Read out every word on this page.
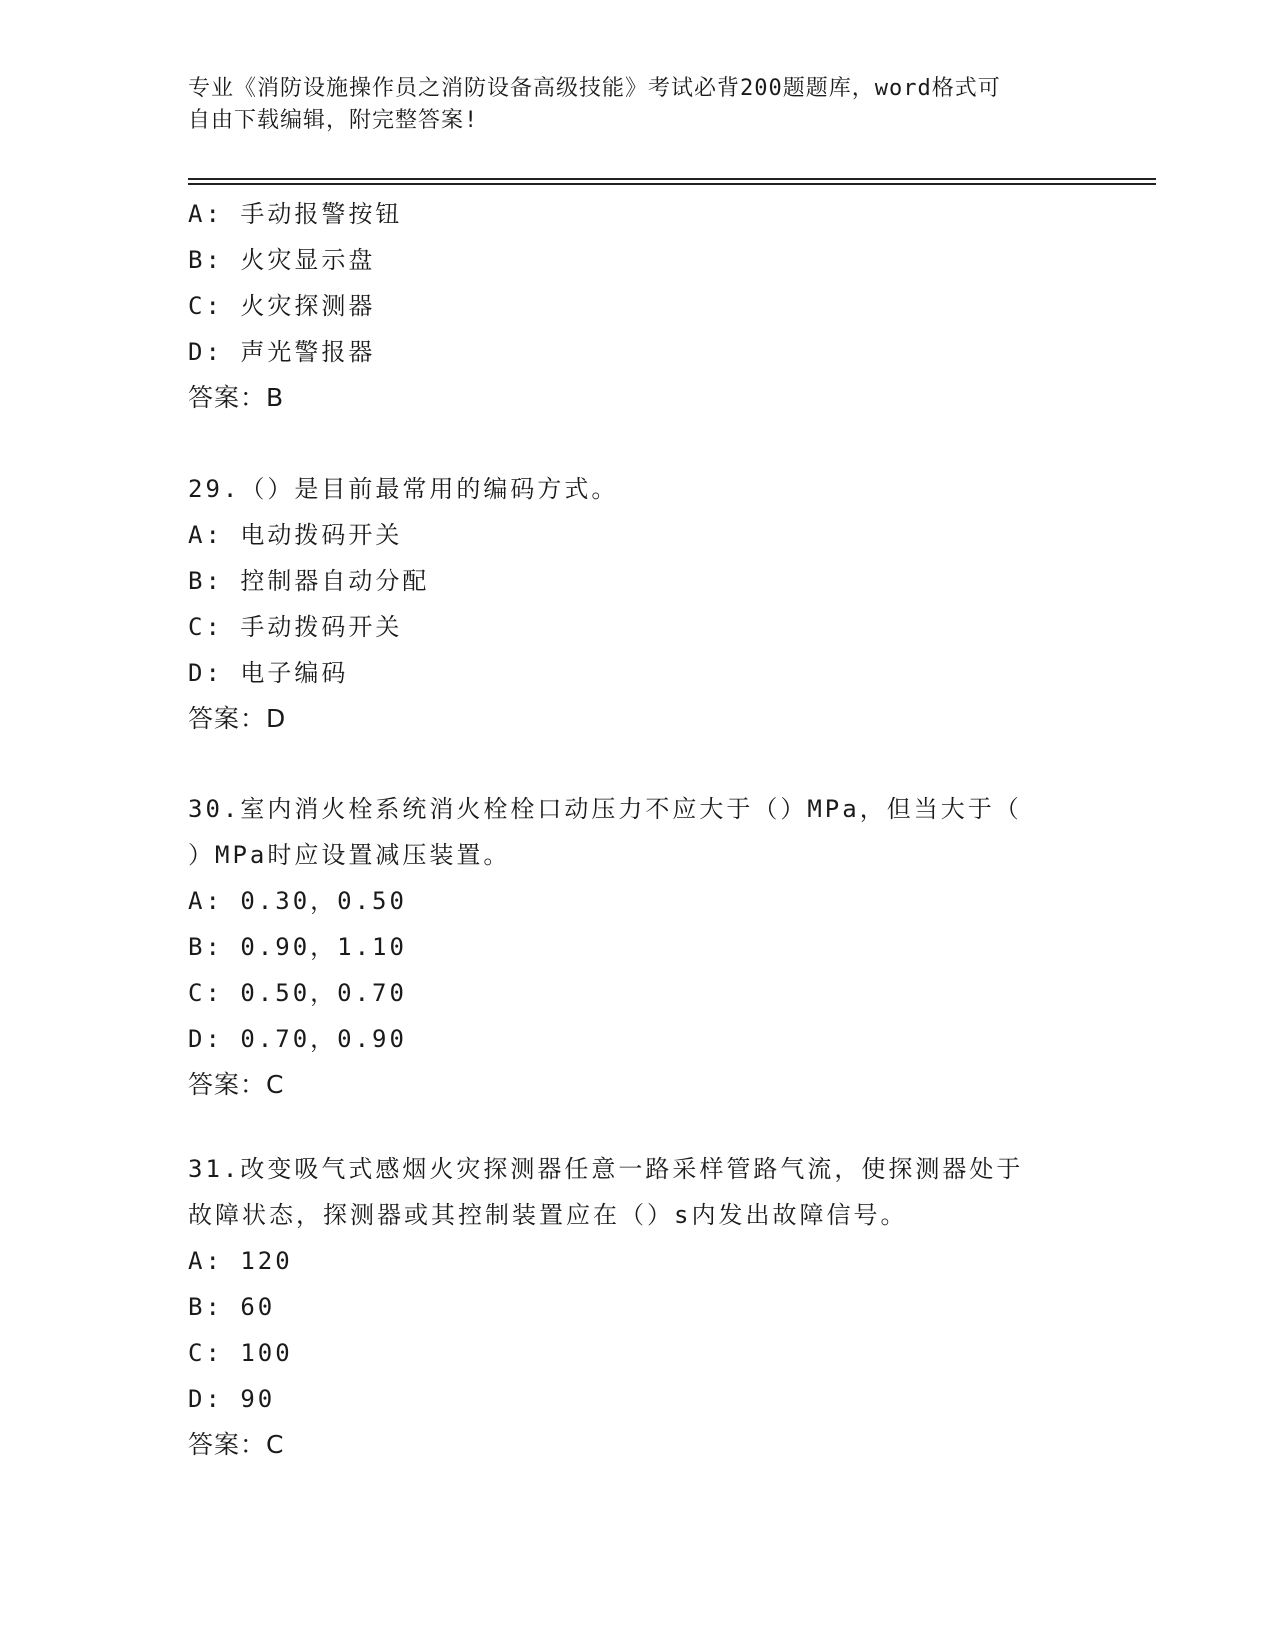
专业《消防设施操作员之消防设备高级技能》考试必背200题题库，word格式可
自由下载编辑，附完整答案!
A: 手动报警按钮
B: 火灾显示盘
C: 火灾探测器
D: 声光警报器
答案：B
29.（）是目前最常用的编码方式。
A: 电动拨码开关
B: 控制器自动分配
C: 手动拨码开关
D: 电子编码
答案：D
30.室内消火栓系统消火栓栓口动压力不应大于（）MPa，但当大于（
）MPa时应设置减压装置。
A: 0.30，0.50
B: 0.90，1.10
C: 0.50，0.70
D: 0.70，0.90
答案：C
31.改变吸气式感烟火灾探测器任意一路采样管路气流，使探测器处于
故障状态，探测器或其控制装置应在（）s内发出故障信号。
A: 120
B: 60
C: 100
D: 90
答案：C
